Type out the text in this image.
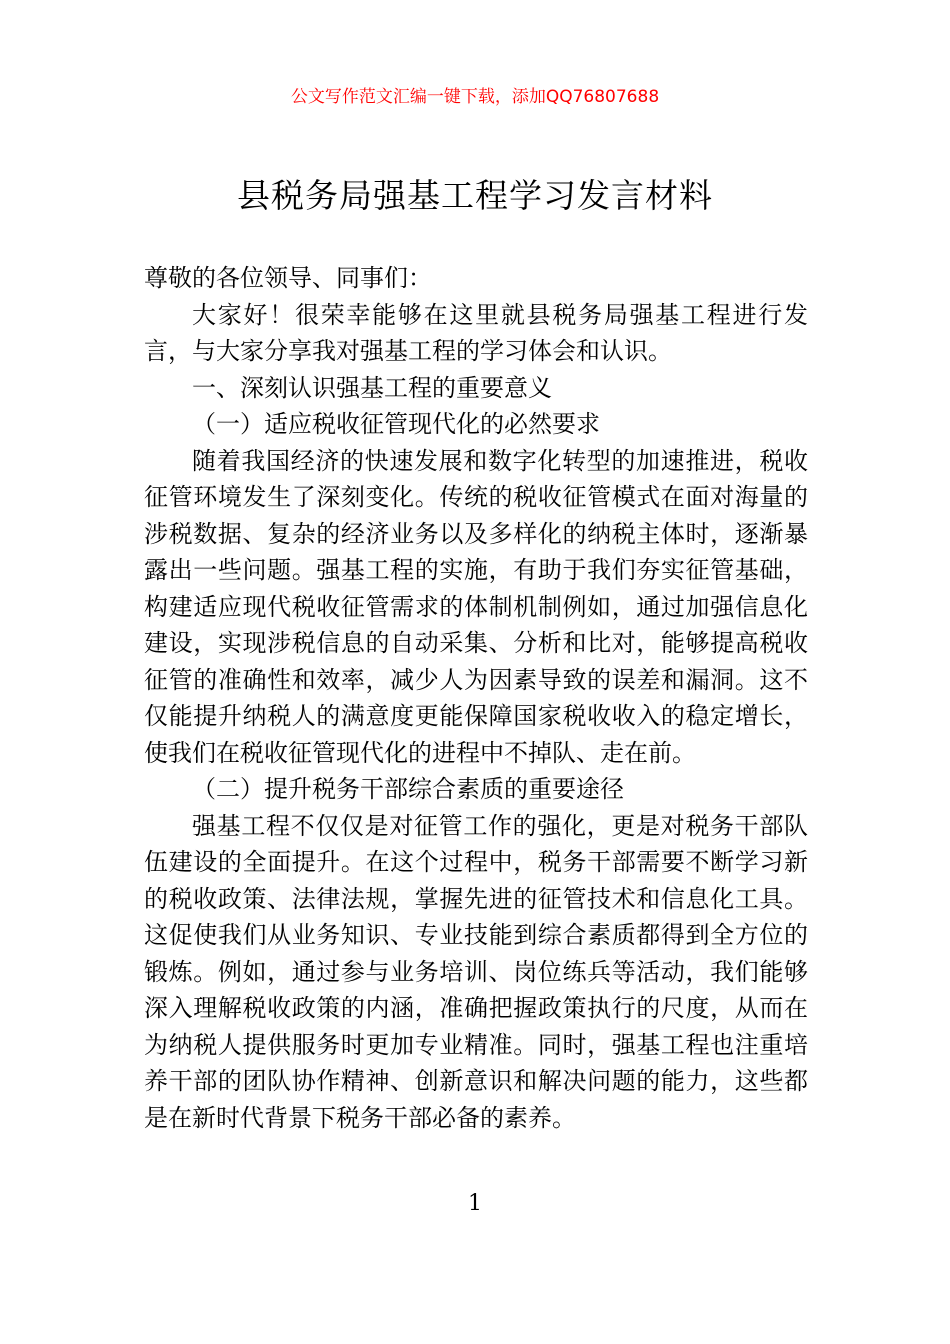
公文写作范文汇编一键下载，添加QQ76807688
县税务局强基工程学习发言材料

尊敬的各位领导、同事们：

大家好！很荣幸能够在这里就县税务局强基工程进行发言，与大家分享我对强基工程的学习体会和认识。

一、深刻认识强基工程的重要意义

（一）适应税收征管现代化的必然要求

随着我国经济的快速发展和数字化转型的加速推进，税收征管环境发生了深刻变化。传统的税收征管模式在面对海量的涉税数据、复杂的经济业务以及多样化的纳税主体时，逐渐暴露出一些问题。强基工程的实施，有助于我们夯实征管基础，构建适应现代税收征管需求的体制机制例如，通过加强信息化建设，实现涉税信息的自动采集、分析和比对，能够提高税收征管的准确性和效率，减少人为因素导致的误差和漏洞。这不仅能提升纳税人的满意度更能保障国家税收收入的稳定增长，使我们在税收征管现代化的进程中不掉队、走在前。

（二）提升税务干部综合素质的重要途径

强基工程不仅仅是对征管工作的强化，更是对税务干部队伍建设的全面提升。在这个过程中，税务干部需要不断学习新的税收政策、法律法规，掌握先进的征管技术和信息化工具。这促使我们从业务知识、专业技能到综合素质都得到全方位的锻炼。例如，通过参与业务培训、岗位练兵等活动，我们能够深入理解税收政策的内涵，准确把握政策执行的尺度，从而在为纳税人提供服务时更加专业精准。同时，强基工程也注重培养干部的团队协作精神、创新意识和解决问题的能力，这些都是在新时代背景下税务干部必备的素养。

1
